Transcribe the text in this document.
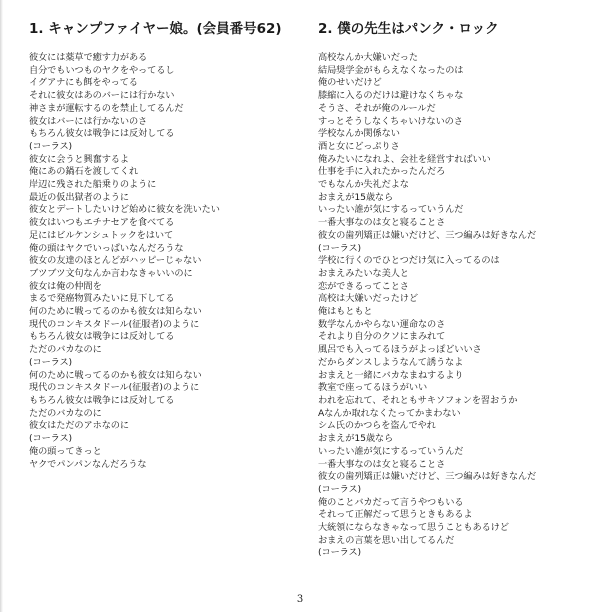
1. キャンプファイヤー娘。(会員番号62)
彼女には薬草で癒す力がある
自分でもいつものヤクをやってるし
イグアナにも餌をやってる
それに彼女はあのバーには行かない
神さまが運転するのを禁止してるんだ
彼女はバーには行かないのさ
もちろん彼女は戦争には反対してる
(コーラス)
彼女に会うと興奮するよ
俺にあの鍋石を渡してくれ
岸辺に残された船乗りのように
最近の仮出獄者のように
彼女とデートしたいけど始めに彼女を洗いたい
彼女はいつもエチナセアを食べてる
足にはビルケンシュトックをはいて
俺の頭はヤクでいっぱいなんだろうな
彼女の友達のほとんどがハッピーじゃない
ブツブツ文句なんか言わなきゃいいのに
彼女は俺の仲間を
まるで発癌物質みたいに見下してる
何のために戦ってるのかも彼女は知らない
現代のコンキスタドール(征服者)のように
もちろん彼女は戦争には反対してる
ただのバカなのに
(コーラス)
何のために戦ってるのかも彼女は知らない
現代のコンキスタドール(征服者)のように
もちろん彼女は戦争には反対してる
ただのバカなのに
彼女はただのアホなのに
(コーラス)
俺の頭ってきっと
ヤクでパンパンなんだろうな
2. 僕の先生はパンク・ロック
高校なんか大嫌いだった
結局奨学金がもらえなくなったのは
俺のせいだけど
膝縮に入るのだけは避けなくちゃな
そうさ、それが俺のルールだ
すっとそうしなくちゃいけないのさ
学校なんか関係ない
酒と女にどっぷりさ
俺みたいになれよ、会社を経営すればいい
仕事を手に入れたかったんだろ
でもなんか失礼だよな
おまえが15歳なら
いったい誰が気にするっていうんだ
一番大事なのは女と寝ることさ
彼女の歯列矯正は嫌いだけど、三つ編みは好きなんだ
(コーラス)
学校に行くのでひとつだけ気に入ってるのは
おまえみたいな美人と
恋ができるってことさ
高校は大嫌いだったけど
俺はもともと
数学なんかやらない運命なのさ
それより自分のクソにまみれて
風呂でも入ってるほうがよっぽどいいさ
だからダンスしようなんて誘うなよ
おまえと一緒にバカなまねするより
教室で座ってるほうがいい
われを忘れて、それともサキソフォンを習おうか
Aなんか取れなくたってかまわない
シム氏のかつらを盗んでやれ
おまえが15歳なら
いったい誰が気にするっていうんだ
一番大事なのは女と寝ることさ
彼女の歯列矯正は嫌いだけど、三つ編みは好きなんだ
(コーラス)
俺のことバカだって言うやつもいる
それって正解だって思うときもあるよ
大統領にならなきゃなって思うこともあるけど
おまえの言葉を思い出してるんだ
(コーラス)
3
